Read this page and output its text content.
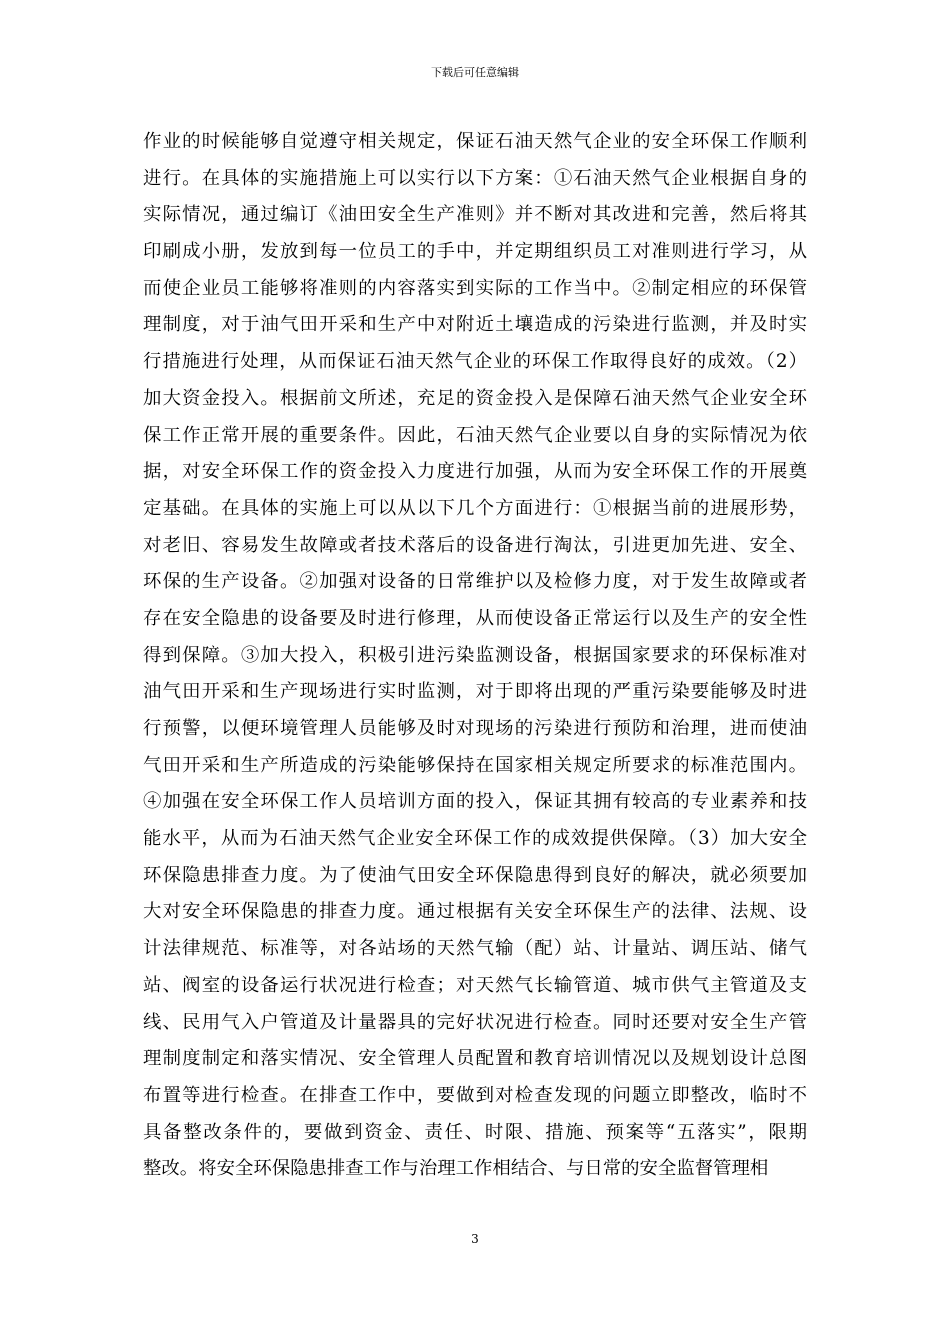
下载后可任意编辑
作业的时候能够自觉遵守相关规定，保证石油天然气企业的安全环保工作顺利
进行。在具体的实施措施上可以实行以下方案：①石油天然气企业根据自身的
实际情况，通过编订《油田安全生产准则》并不断对其改进和完善，然后将其
印刷成小册，发放到每一位员工的手中，并定期组织员工对准则进行学习，从
而使企业员工能够将准则的内容落实到实际的工作当中。②制定相应的环保管
理制度，对于油气田开采和生产中对附近土壤造成的污染进行监测，并及时实
行措施进行处理，从而保证石油天然气企业的环保工作取得良好的成效。（2）
加大资金投入。根据前文所述，充足的资金投入是保障石油天然气企业安全环
保工作正常开展的重要条件。因此，石油天然气企业要以自身的实际情况为依
据，对安全环保工作的资金投入力度进行加强，从而为安全环保工作的开展奠
定基础。在具体的实施上可以从以下几个方面进行：①根据当前的进展形势，
对老旧、容易发生故障或者技术落后的设备进行淘汰，引进更加先进、安全、
环保的生产设备。②加强对设备的日常维护以及检修力度，对于发生故障或者
存在安全隐患的设备要及时进行修理，从而使设备正常运行以及生产的安全性
得到保障。③加大投入，积极引进污染监测设备，根据国家要求的环保标准对
油气田开采和生产现场进行实时监测，对于即将出现的严重污染要能够及时进
行预警，以便环境管理人员能够及时对现场的污染进行预防和治理，进而使油
气田开采和生产所造成的污染能够保持在国家相关规定所要求的标准范围内。
④加强在安全环保工作人员培训方面的投入，保证其拥有较高的专业素养和技
能水平，从而为石油天然气企业安全环保工作的成效提供保障。（3）加大安全
环保隐患排查力度。为了使油气田安全环保隐患得到良好的解决，就必须要加
大对安全环保隐患的排查力度。通过根据有关安全环保生产的法律、法规、设
计法律规范、标准等，对各站场的天然气输（配）站、计量站、调压站、储气
站、阀室的设备运行状况进行检查；对天然气长输管道、城市供气主管道及支
线、民用气入户管道及计量器具的完好状况进行检查。同时还要对安全生产管
理制度制定和落实情况、安全管理人员配置和教育培训情况以及规划设计总图
布置等进行检查。在排查工作中，要做到对检查发现的问题立即整改，临时不
具备整改条件的，要做到资金、责任、时限、措施、预案等“五落实”，限期
整改。将安全环保隐患排查工作与治理工作相结合、与日常的安全监督管理相
3
